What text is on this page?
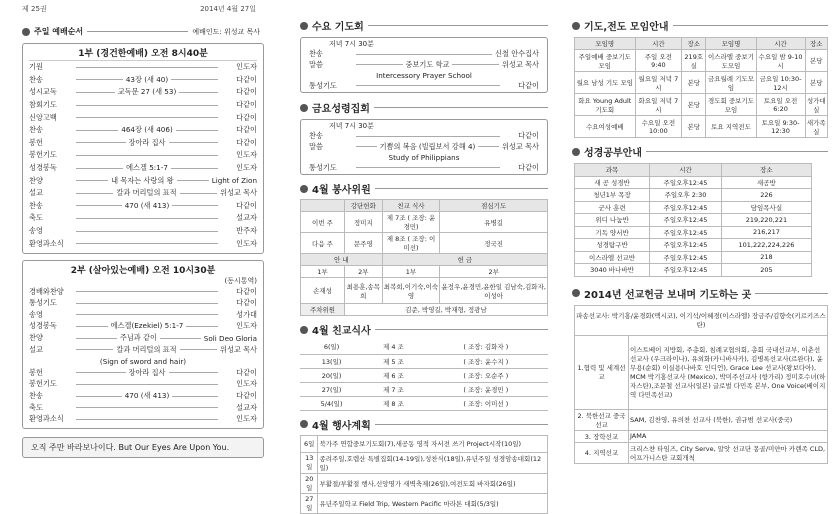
제 25권	2014년 4월 27일
주일 예배순서	예배인도: 위성교 목사
1부 (경건한예배) 오전 8시40분
기원	인도자
찬송	43장 (새 40)	다같이
성시교독	교독문 27 (새 53)	다같이
참회기도	다같이
신앙고백	다같이
찬송	464장 (새 406)	다같이
봉헌	장아라 집사	다같이
봉헌기도	인도자
성경봉독	에스겔 5:1-7	인도자
찬양	내 목자는 사랑의 왕	Light of Zion
설교	칼과 머리털의 표적	위성교 목사
찬송	470 (새 413)	다같이
축도	설교자
송영	반주자
환영과소식	인도자
2부 (살아있는예배) 오전 10시30분
(동시통역)
경배와찬양	다같이
통성기도	다같이
송영	성가대
성경봉독	에스겔(Ezekiel) 5:1-7	인도자
찬양	주님과 같이	Soli Deo Gloria
설교	칼과 머리털의 표적	위성교 목사
(Sign of sword and hair)
봉헌	장아라 집사	다같이
봉헌기도	인도자
찬송	470 (새 413)	다같이
축도	설교자
환영과소식	인도자
오직 주만 바라보나이다. But Our Eyes Are Upon You.
수요 기도회
저녁 7시 30분
찬송	신철 안수집사
말씀	중보기도 학교	위성교 목사
Intercessory Prayer School
통성기도	다같이
금요성령집회
저녁 7시 30분
찬송	다같이
말씀	기쁨의 복음 (빌립보서 강해 4)	위성교 목사
Study of Philippians
통성기도	다같이
4월 봉사위원
	강단헌화	친교 식사	점심기도
이번 주	정미지	제 7조 ( 조장: 윤경민)	유병길
다음 주	문주영	제 8조 ( 조장: 이미선)	정국진
안 내		헌 금	
1부	2부	1부	2부
손재성	최용훈,송목희	최복희,이기숙,이숙영	윤정우,윤경민,윤한일 김남숙,김화자,이성아
주차위원	김준, 박영길, 박재형, 정광남		
4월 친교식사
6(일)	제 4 조	( 조장: 김화자 )
13(일)	제 5 조	( 조장: 윤수지 )
20(일)	제 6 조	( 조장: 오순주 )
27(일)	제 7 조	( 조장: 윤경민 )
5/4(일)	제 8 조	( 조장: 이미선 )
4월 행사계획
6일	북가주 연합중보기도회(7),새공동 영적 자서전 쓰기 Project시작(10일)
13일	종려주일,호렙산 특별집회(14-19일),성찬식(18일),유년주일 성경암송대회(12일)
20일	부활절/부활절 행사,신앙명가 새벽축제(26일),여전도회 바자회(26일)
27일	유년주일학교 Field Trip, Western Pacific 마라톤 대회(5/3일)
기도,전도 모임안내
모임명	시간	장소	모임명	시간	장소
주일예배 중보기도모임	주일 오전 9:40	219호실	이스라엘 중보기도모임	수요일 밤 9-10시	본당
월요 남성 기도 모임	월요일 저녁 7시	본당	금요월례 기도모임	금요일 10:30-12시	본당
화요 Young Adult 기도회	화요일 저녁 7시	본당	경도회 중보기도모임	토요일 오전 6:20	성가대실
수요여성예배	수요일 오전 10:00	본당	토요 지역전도	토요일 9:30-12:30	새가족실
성경공부안내
과목	시간	장소
새 공 성경반	주일오후12:45	새공방
청년1부 목장	주일오후 2:30	226
군사 훈련	주일오후12:45	담임목사실
위디 나눔반	주일오후12:45	219,220,221
기독 양서반	주일오후12:45	216,217
성경탐구반	주일오후12:45	101,222,224,226
이스라엘 선교반	주일오후12:45	218
3040 바나바반	주일오후12:45	205
2014년 선교헌금 보내며 기도하는 곳
파송선교사: 박기홍/윤경화(맥시코), 이기석/이혜경(이스라엘) 장금주/김향숙(키르키즈스탄)	
1.협력 및 세계선교	이스트베이 지방회, 주총회, 침례교협의회, 총회 국내선교부, 이춘선선교사 (우크라이나), 유외화(카니바사카), 김병록선교사(르완다), 윤무용(순회) 이실용(나바호 인디언), Grace Lee 선교사(왕보다아), MCM 박기홍선교사 (Mexico), 박미주선교사 (항가리) 정미호수녀(하자스탄),조문철 선교사(일본) 글로벌 다민족 본부, One Voice(베이지역 다민족선교)
2. 북한선교 중국선교	SAM, 김찬영, 유의찬 선교사 (북한), 권규범 선교사(중국)
3. 장학선교	JAMA
4. 지역선교	크리스챤 타임즈, City Serve, 알앗 선교단 몽골/미얀마 카렌족 CLD, 어프가니스탄 교회개척
